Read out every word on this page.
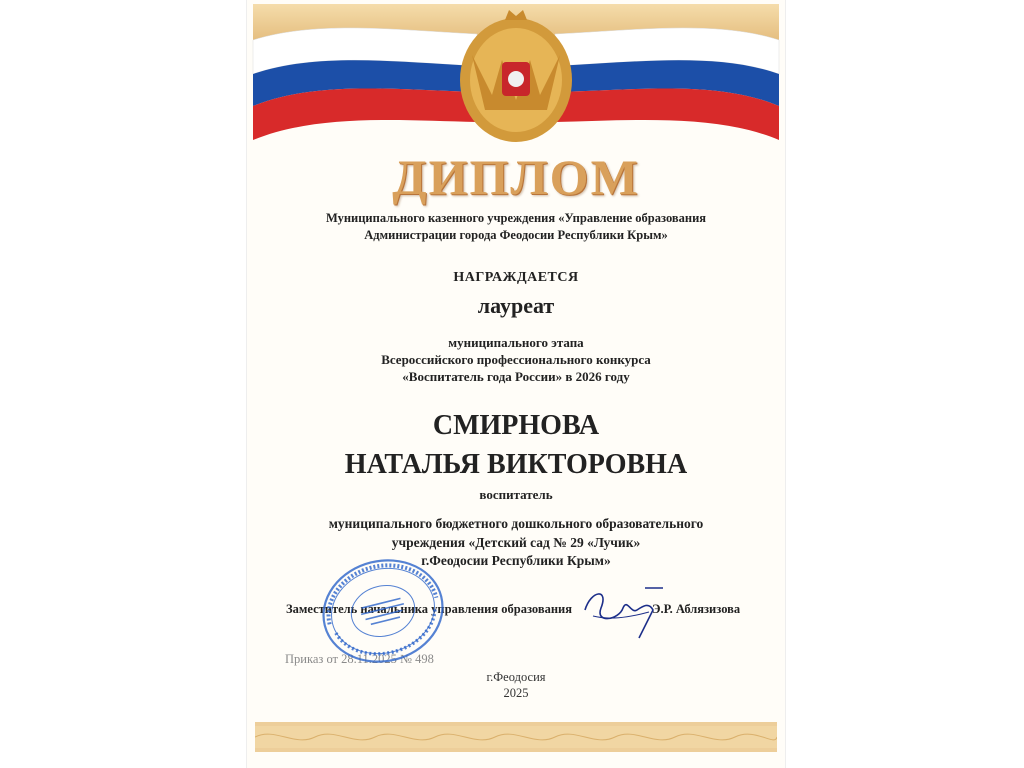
ДИПЛОМ
Муниципального казенного учреждения «Управление образования
Администрации города Феодосии Республики Крым»
НАГРАЖДАЕТСЯ
лауреат
муниципального этапа
Всероссийского профессионального конкурса
«Воспитатель года России» в 2026 году
СМИРНОВА
НАТАЛЬЯ ВИКТОРОВНА
воспитатель
муниципального бюджетного дошкольного образовательного
учреждения «Детский сад № 29 «Лучик»
г.Феодосии Республики Крым»
Заместитель начальника управления образования	Э.Р. Аблязизова
Приказ от 28.11.2025 № 498
г.Феодосия
2025
